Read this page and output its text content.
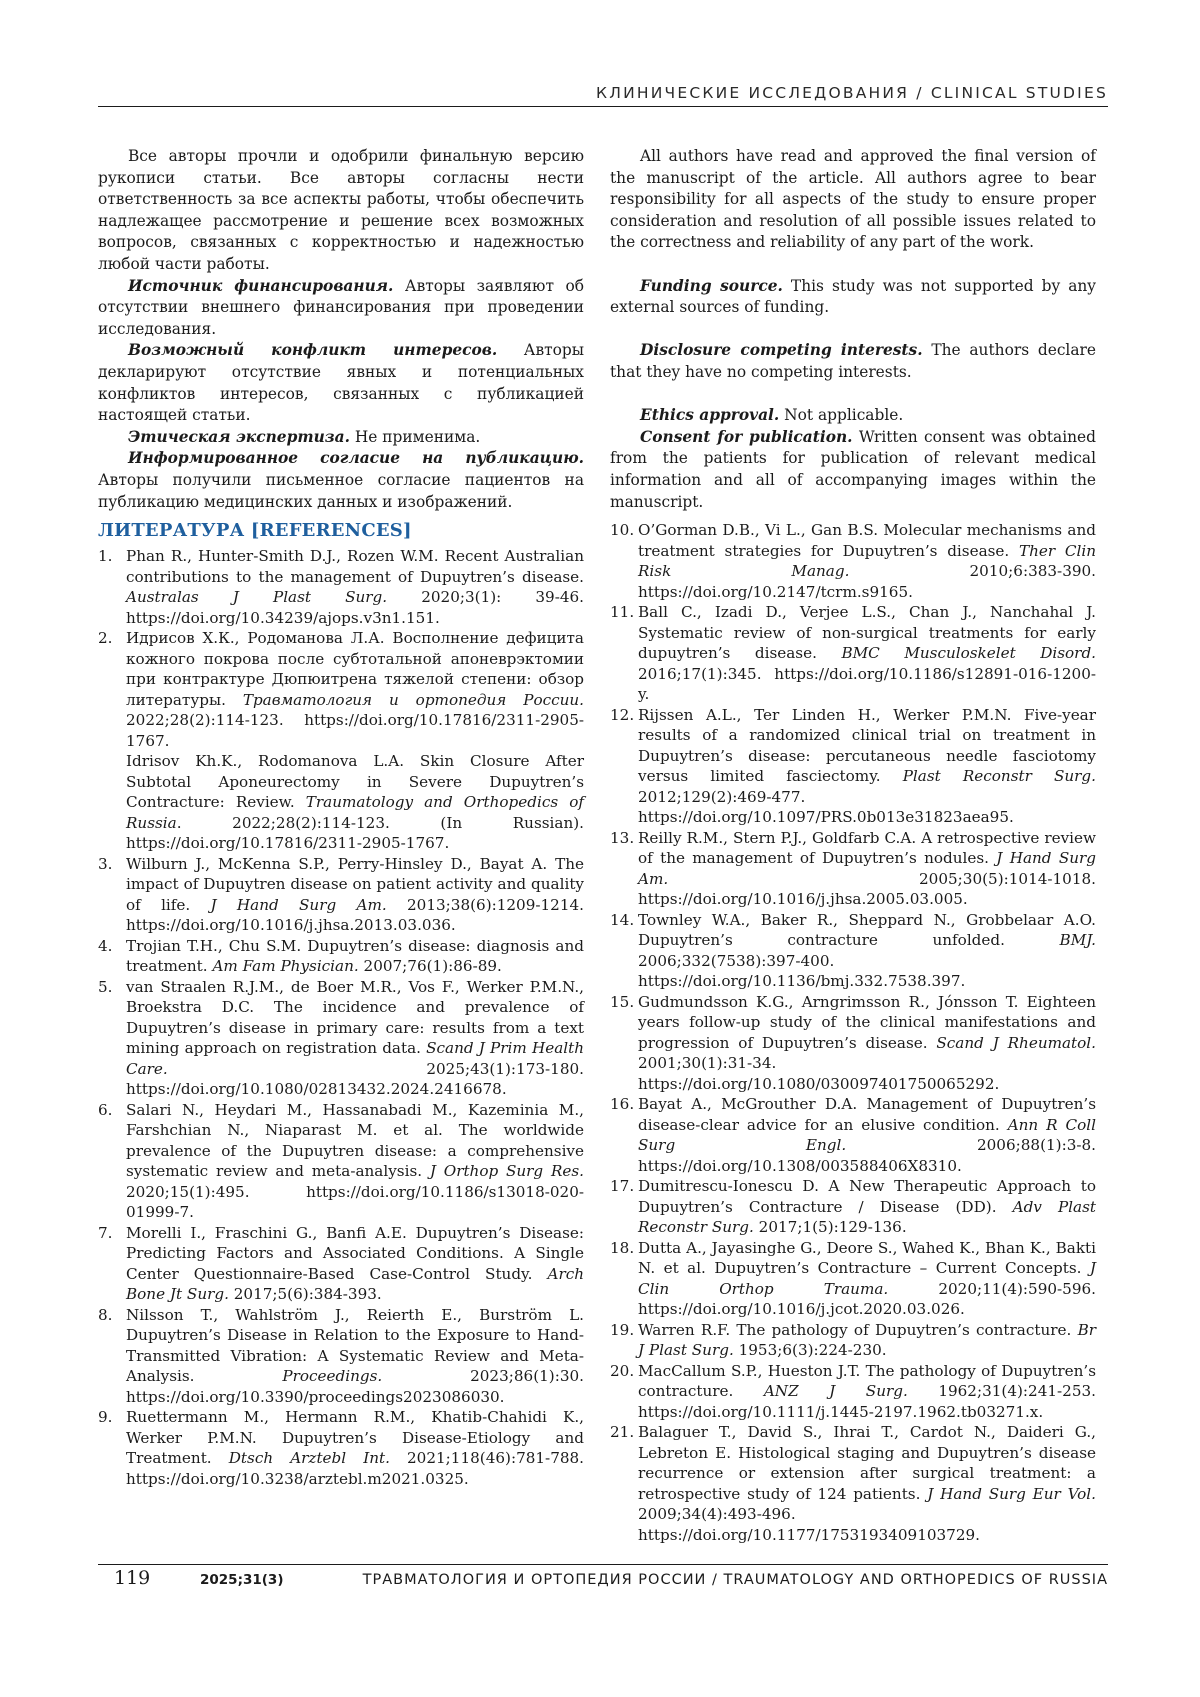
КЛИНИЧЕСКИЕ ИССЛЕДОВАНИЯ / CLINICAL STUDIES

Все авторы прочли и одобрили финальную версию рукописи статьи. Все авторы согласны нести ответственность за все аспекты работы, чтобы обеспечить надлежащее рассмотрение и решение всех возможных вопросов, связанных с корректностью и надежностью любой части работы.

Источник финансирования. Авторы заявляют об отсутствии внешнего финансирования при проведении исследования.

Возможный конфликт интересов. Авторы декларируют отсутствие явных и потенциальных конфликтов интересов, связанных с публикацией настоящей статьи.

Этическая экспертиза. Не применима.

Информированное согласие на публикацию. Авторы получили письменное согласие пациентов на публикацию медицинских данных и изображений.

All authors have read and approved the final version of the manuscript of the article. All authors agree to bear responsibility for all aspects of the study to ensure proper consideration and resolution of all possible issues related to the correctness and reliability of any part of the work.

Funding source. This study was not supported by any external sources of funding.

Disclosure competing interests. The authors declare that they have no competing interests.

Ethics approval. Not applicable.

Consent for publication. Written consent was obtained from the patients for publication of relevant medical information and all of accompanying images within the manuscript.

ЛИТЕРАТУРА [REFERENCES]
1. Phan R., Hunter-Smith D.J., Rozen W.M. Recent Australian contributions to the management of Dupuytren’s disease. Australas J Plast Surg. 2020;3(1): 39-46. https://doi.org/10.34239/ajops.v3n1.151.
2. Идрисов Х.К., Родоманова Л.А. Восполнение дефицита кожного покрова после субтотальной апоневрэктомии при контрактуре Дюпюитрена тяжелой степени: обзор литературы. Травматология и ортопедия России. 2022;28(2):114-123. https://doi.org/10.17816/2311-2905-1767.
Idrisov Kh.K., Rodomanova L.A. Skin Closure After Subtotal Aponeurectomy in Severe Dupuytren’s Contracture: Review. Traumatology and Orthopedics of Russia. 2022;28(2):114-123. (In Russian). https://doi.org/10.17816/2311-2905-1767.
3. Wilburn J., McKenna S.P., Perry-Hinsley D., Bayat A. The impact of Dupuytren disease on patient activity and quality of life. J Hand Surg Am. 2013;38(6):1209-1214. https://doi.org/10.1016/j.jhsa.2013.03.036.
4. Trojian T.H., Chu S.M. Dupuytren’s disease: diagnosis and treatment. Am Fam Physician. 2007;76(1):86-89.
5. van Straalen R.J.M., de Boer M.R., Vos F., Werker P.M.N., Broekstra D.C. The incidence and prevalence of Dupuytren’s disease in primary care: results from a text mining approach on registration data. Scand J Prim Health Care. 2025;43(1):173-180. https://doi.org/10.1080/02813432.2024.2416678.
6. Salari N., Heydari M., Hassanabadi M., Kazeminia M., Farshchian N., Niaparast M. et al. The worldwide prevalence of the Dupuytren disease: a comprehensive systematic review and meta-analysis. J Orthop Surg Res. 2020;15(1):495. https://doi.org/10.1186/s13018-020-01999-7.
7. Morelli I., Fraschini G., Banfi A.E. Dupuytren’s Disease: Predicting Factors and Associated Conditions. A Single Center Questionnaire-Based Case-Control Study. Arch Bone Jt Surg. 2017;5(6):384-393.
8. Nilsson T., Wahlström J., Reierth E., Burström L. Dupuytren’s Disease in Relation to the Exposure to Hand-Transmitted Vibration: A Systematic Review and Meta-Analysis. Proceedings. 2023;86(1):30. https://doi.org/10.3390/proceedings2023086030.
9. Ruettermann M., Hermann R.M., Khatib-Chahidi K., Werker P.M.N. Dupuytren’s Disease-Etiology and Treatment. Dtsch Arztebl Int. 2021;118(46):781-788. https://doi.org/10.3238/arztebl.m2021.0325.
10. O’Gorman D.B., Vi L., Gan B.S. Molecular mechanisms and treatment strategies for Dupuytren’s disease. Ther Clin Risk Manag. 2010;6:383-390. https://doi.org/10.2147/tcrm.s9165.
11. Ball C., Izadi D., Verjee L.S., Chan J., Nanchahal J. Systematic review of non-surgical treatments for early dupuytren’s disease. BMC Musculoskelet Disord. 2016;17(1):345. https://doi.org/10.1186/s12891-016-1200-y.
12. Rijssen A.L., Ter Linden H., Werker P.M.N. Five-year results of a randomized clinical trial on treatment in Dupuytren’s disease: percutaneous needle fasciotomy versus limited fasciectomy. Plast Reconstr Surg. 2012;129(2):469-477. https://doi.org/10.1097/PRS.0b013e31823aea95.
13. Reilly R.M., Stern P.J., Goldfarb C.A. A retrospective review of the management of Dupuytren’s nodules. J Hand Surg Am. 2005;30(5):1014-1018. https://doi.org/10.1016/j.jhsa.2005.03.005.
14. Townley W.A., Baker R., Sheppard N., Grobbelaar A.O. Dupuytren’s contracture unfolded. BMJ. 2006;332(7538):397-400. https://doi.org/10.1136/bmj.332.7538.397.
15. Gudmundsson K.G., Arngrimsson R., Jónsson T. Eighteen years follow-up study of the clinical manifestations and progression of Dupuytren’s disease. Scand J Rheumatol. 2001;30(1):31-34. https://doi.org/10.1080/030097401750065292.
16. Bayat A., McGrouther D.A. Management of Dupuytren’s disease-clear advice for an elusive condition. Ann R Coll Surg Engl. 2006;88(1):3-8. https://doi.org/10.1308/003588406X8310.
17. Dumitrescu-Ionescu D. A New Therapeutic Approach to Dupuytren’s Contracture / Disease (DD). Adv Plast Reconstr Surg. 2017;1(5):129-136.
18. Dutta A., Jayasinghe G., Deore S., Wahed K., Bhan K., Bakti N. et al. Dupuytren’s Contracture – Current Concepts. J Clin Orthop Trauma. 2020;11(4):590-596. https://doi.org/10.1016/j.jcot.2020.03.026.
19. Warren R.F. The pathology of Dupuytren’s contracture. Br J Plast Surg. 1953;6(3):224-230.
20. MacCallum S.P., Hueston J.T. The pathology of Dupuytren’s contracture. ANZ J Surg. 1962;31(4):241-253. https://doi.org/10.1111/j.1445-2197.1962.tb03271.x.
21. Balaguer T., David S., Ihrai T., Cardot N., Daideri G., Lebreton E. Histological staging and Dupuytren’s disease recurrence or extension after surgical treatment: a retrospective study of 124 patients. J Hand Surg Eur Vol. 2009;34(4):493-496. https://doi.org/10.1177/1753193409103729.
119	2025;31(3)	ТРАВМАТОЛОГИЯ И ОРТОПЕДИЯ РОССИИ / TRAUMATOLOGY AND ORTHOPEDICS OF RUSSIA
